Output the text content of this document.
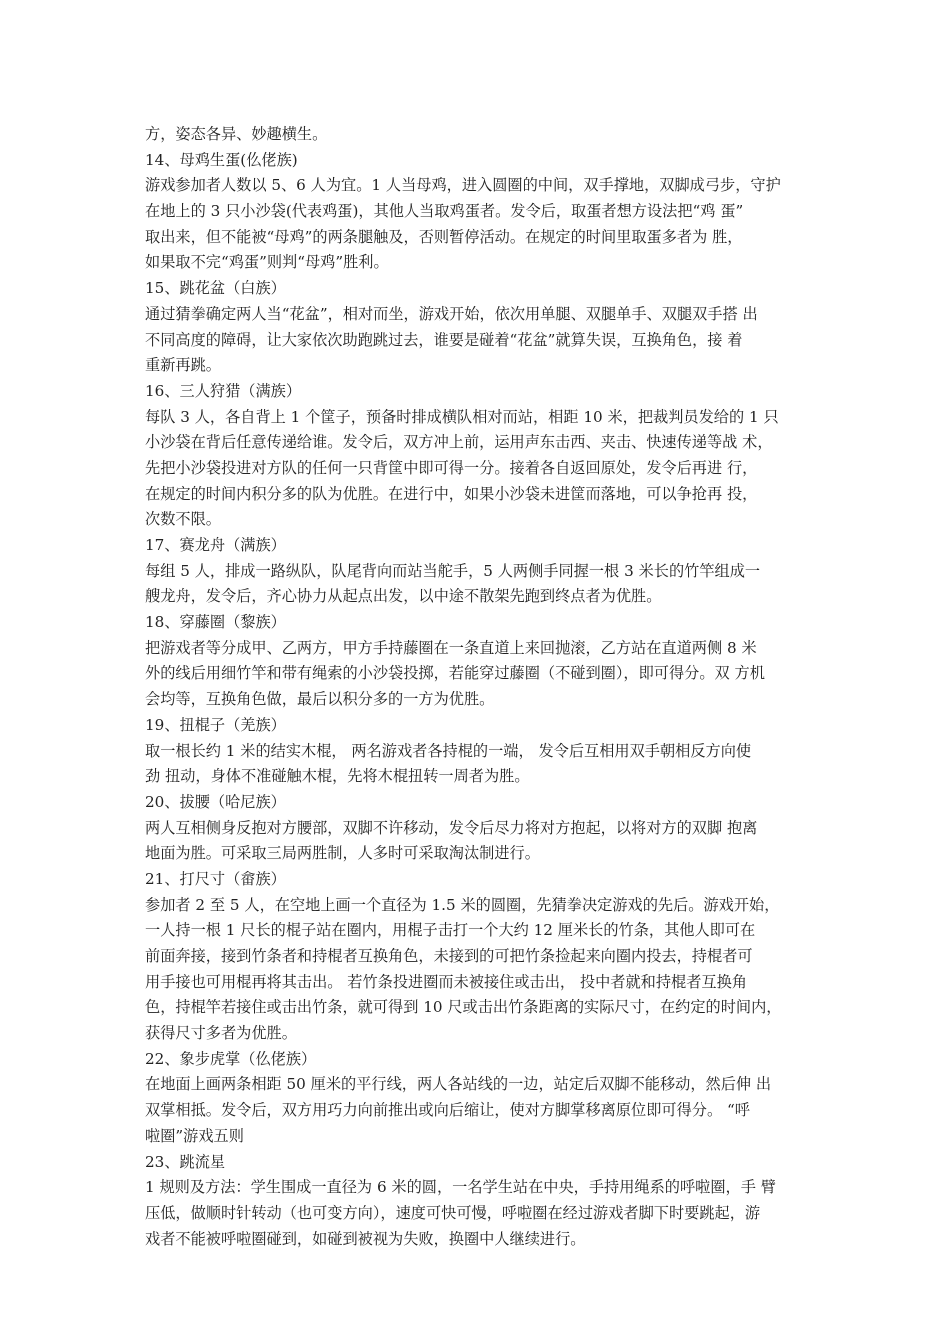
方，姿态各异、妙趣横生。
14、母鸡生蛋(仫佬族)
游戏参加者人数以 5、6 人为宜。1 人当母鸡，进入圆圈的中间，双手撑地，双脚成弓步，守护
在地上的 3 只小沙袋(代表鸡蛋)，其他人当取鸡蛋者。发令后，取蛋者想方设法把“鸡 蛋”
取出来，但不能被“母鸡”的两条腿触及，否则暂停活动。在规定的时间里取蛋多者为 胜，
如果取不完“鸡蛋”则判“母鸡”胜利。
15、跳花盆（白族）
通过猜拳确定两人当“花盆”，相对而坐，游戏开始，依次用单腿、双腿单手、双腿双手搭 出
不同高度的障碍，让大家依次助跑跳过去，谁要是碰着“花盆”就算失误，互换角色，接 着
重新再跳。
16、三人狩猎（满族）
每队 3 人，各自背上 1 个筐子，预备时排成横队相对而站，相距 10 米，把裁判员发给的 1 只
小沙袋在背后任意传递给谁。发令后，双方冲上前，运用声东击西、夹击、快速传递等战 术，
先把小沙袋投进对方队的任何一只背筐中即可得一分。接着各自返回原处，发令后再进 行，
在规定的时间内积分多的队为优胜。在进行中，如果小沙袋未进筐而落地，可以争抢再 投，
次数不限。
17、赛龙舟（满族）
每组 5 人，排成一路纵队，队尾背向而站当舵手，5 人两侧手同握一根 3 米长的竹竿组成一
艘龙舟，发令后，齐心协力从起点出发，以中途不散架先跑到终点者为优胜。
18、穿藤圈（黎族）
把游戏者等分成甲、乙两方，甲方手持藤圈在一条直道上来回抛滚，乙方站在直道两侧 8 米
外的线后用细竹竿和带有绳索的小沙袋投掷，若能穿过藤圈（不碰到圈），即可得分。双 方机
会均等，互换角色做，最后以积分多的一方为优胜。
19、扭棍子（羌族）
取一根长约 1 米的结实木棍， 两名游戏者各持棍的一端， 发令后互相用双手朝相反方向使
劲 扭动，身体不准碰触木棍，先将木棍扭转一周者为胜。
20、拔腰（哈尼族）
两人互相侧身反抱对方腰部，双脚不许移动，发令后尽力将对方抱起，以将对方的双脚 抱离
地面为胜。可采取三局两胜制，人多时可采取淘汰制进行。
21、打尺寸（畲族）
参加者 2 至 5 人，在空地上画一个直径为 1.5 米的圆圈，先猜拳决定游戏的先后。游戏开始，
一人持一根 1 尺长的棍子站在圈内，用棍子击打一个大约 12 厘米长的竹条，其他人即可在
前面奔接，接到竹条者和持棍者互换角色，未接到的可把竹条捡起来向圈内投去，持棍者可
用手接也可用棍再将其击出。 若竹条投进圈而未被接住或击出， 投中者就和持棍者互换角
色，持棍竿若接住或击出竹条，就可得到 10 尺或击出竹条距离的实际尺寸，在约定的时间内，
获得尺寸多者为优胜。
22、象步虎掌（仫佬族）
在地面上画两条相距 50 厘米的平行线，两人各站线的一边，站定后双脚不能移动，然后伸 出
双掌相抵。发令后，双方用巧力向前推出或向后缩让，使对方脚掌移离原位即可得分。 “呼
啦圈”游戏五则
23、跳流星
1 规则及方法：学生围成一直径为 6 米的圆，一名学生站在中央，手持用绳系的呼啦圈，手 臂
压低，做顺时针转动（也可变方向），速度可快可慢，呼啦圈在经过游戏者脚下时要跳起，游
戏者不能被呼啦圈碰到，如碰到被视为失败，换圈中人继续进行。
